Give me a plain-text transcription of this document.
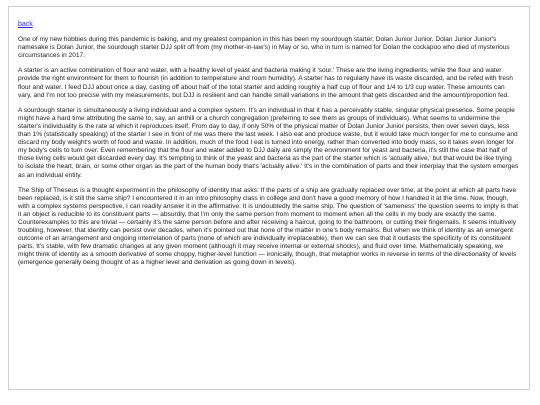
back

One of my new hobbies during this pandemic is baking, and my greatest companion in this has been my sourdough starter, Dolan Junior Junior. Dolan Junior Junior's namesake is Dolan Junior, the sourdough starter DJJ split off from (my mother-in-law's) in May or so, who in turn is named for Dolan the cockapoo who died of mysterious circumstances in 2017.

A starter is an active combination of flour and water, with a healthy level of yeast and bacteria making it 'sour.' These are the living ingredients, while the flour and water provide the right environment for them to flourish (in addition to temperature and room humidity). A starter has to regularly have its waste discarded, and be refed with fresh flour and water. I feed DJJ about once a day, casting off about half of the total starter and adding roughly a half cup of flour and 1/4 to 1/3 cup water. These amounts can vary, and I'm not too precise with my measurements, but DJJ is resilient and can handle small variations in the amount that gets discarded and the amount/proportion fed.

A sourdough starter is simultaneously a living individual and a complex system. It's an individual in that it has a perceivably stable, singular physical presence. Some people might have a hard time attributing the same to, say, an anthill or a church congregation (preferring to see them as groups of individuals). What seems to undermine the starter's individuality is the rate at which it reproduces itself. From day to day, if only 50% of the physical matter of Dolan Junior Junior persists, then over seven days, less than 1% (statistically speaking) of the starter I see in front of me was there the last week. I also eat and produce waste, but it would take much longer for me to consume and discard my body weight's worth of food and waste. In addition, much of the food I eat is turned into energy, rather than converted into body mass, so it takes even longer for my body's cells to turn over. Even remembering that the flour and water added to DJJ daily are simply the environment for yeast and bacteria, it's still the case that half of those living cells would get discarded every day. It's tempting to think of the yeast and bacteria as the part of the starter which is 'actually alive,' but that would be like trying to isolate the heart, brain, or some other organ as the part of the human body that's 'actually alive.' It's in the combination of parts and their interplay that the system emerges as an individual entity.

The Ship of Theseus is a thought experiment in the philosophy of identity that asks: If the parts of a ship are gradually replaced over time, at the point at which all parts have been replaced, is it still the same ship? I encountered it in an intro philosophy class in college and don't have a good memory of how I handled it at the time. Now, though, with a complex systems perspective, I can readily answer it in the affirmative: It is undoubtedly the same ship. The question of 'sameness' the question seems to imply is that it an object is reducible to its constituent parts — absurdly, that I'm only the same person from moment to moment when all the cells in my body are exactly the same. Counterexamples to this are trivial — certainly it's the same person before and after receiving a haircut, going to the bathroom, or cutting their fingernails. It seems intuitively troubling, however, that identity can persist over decades, when it's pointed out that none of the matter in one's body remains. But when we think of identity as an emergent outcome of an arrangement and ongoing interrelation of parts (none of which are individually irreplaceable), then we can see that it outlasts the specificity of its constituent parts. It's stable, with few dramatic changes at any given moment (although it may receive internal or external shocks), and fluid over time. Mathematically speaking, we might think of identity as a smooth derivative of some choppy, higher-level function — ironically, though, that metaphor works in reverse in terms of the directionality of levels (emergence generally being thought of as a higher level and derivation as going down in levels).
